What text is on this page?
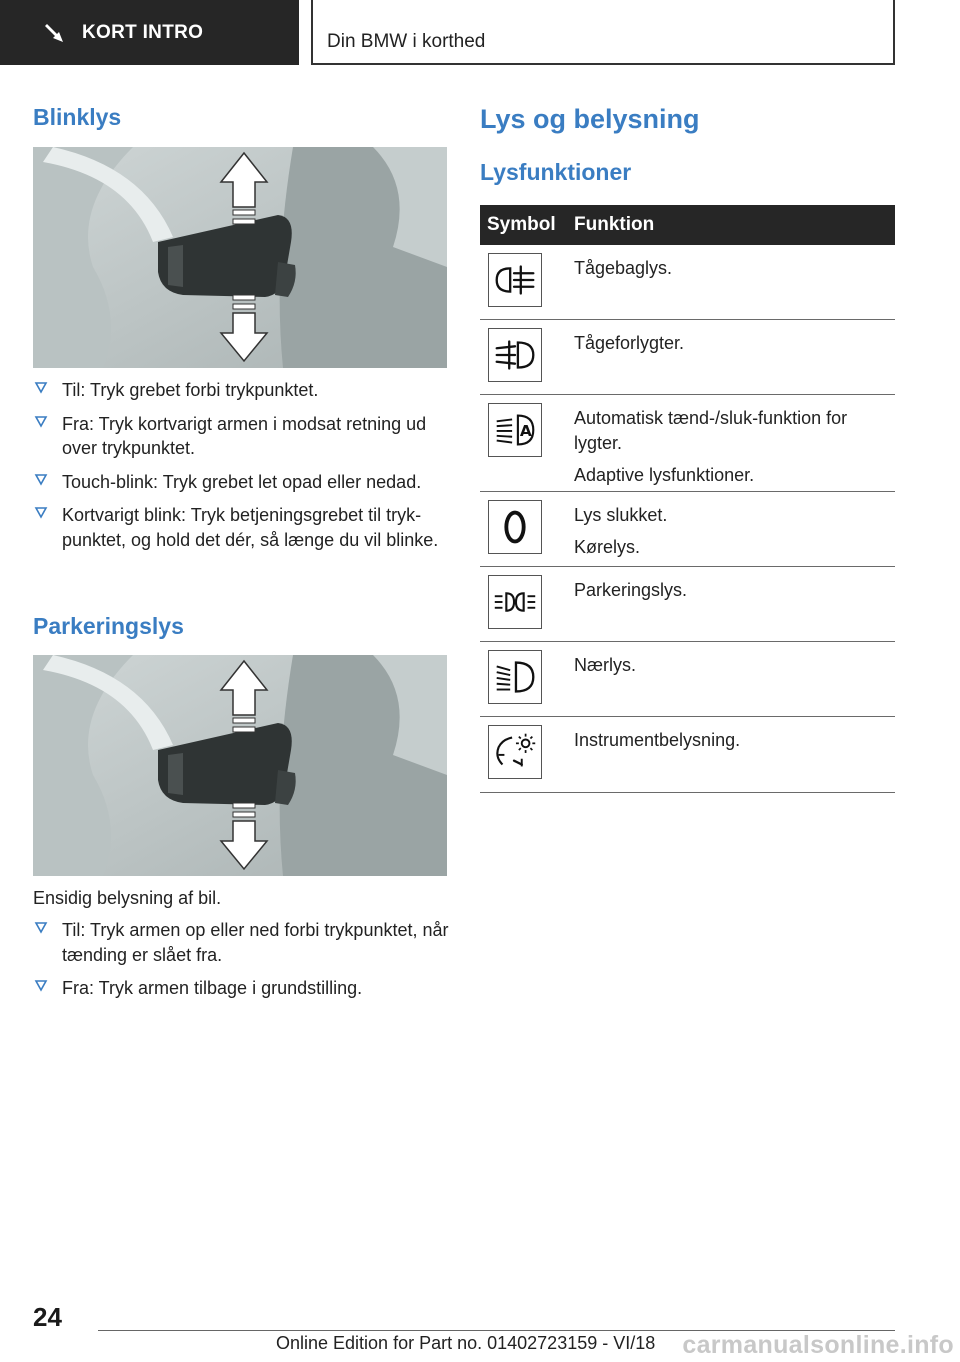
KORT INTRO	Din BMW i korthed
Blinklys
Til: Tryk grebet forbi trykpunktet.
Fra: Tryk kortvarigt armen i modsat retning ud over trykpunktet.
Touch-blink: Tryk grebet let opad eller nedad.
Kortvarigt blink: Tryk betjeningsgrebet til tryk-punktet, og hold det dér, så længe du vil blinke.
Parkeringslys
Ensidig belysning af bil.
Til: Tryk armen op eller ned forbi trykpunktet, når tænding er slået fra.
Fra: Tryk armen tilbage i grundstilling.
Lys og belysning
Lysfunktioner
Symbol Funktion
Tågebaglys.
Tågeforlygter.
A
Automatisk tænd-/sluk-funktion for lygter.
Adaptive lysfunktioner.
Lys slukket.
Kørelys.
Parkeringslys.
Nærlys.
Instrumentbelysning.
24
Online Edition for Part no. 01402723159 - VI/18 carmanualsonline.info
